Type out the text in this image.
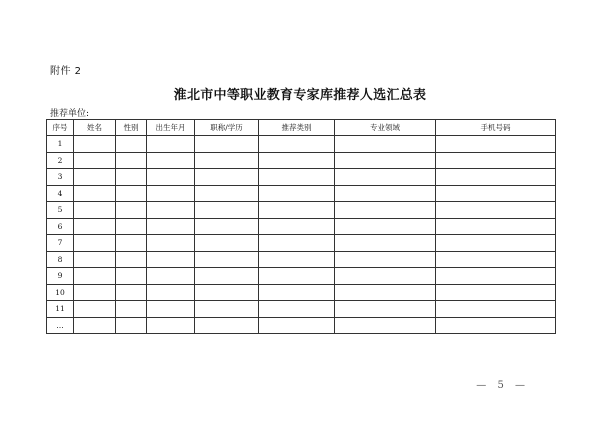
附件 2
淮北市中等职业教育专家库推荐人选汇总表
推荐单位:
序号	姓名	性别	出生年月	职称/学历	推荐类别	专业领域	手机号码
1							
2							
3							
4							
5							
6							
7							
8							
9							
10							
11							
…							
— 5 —
